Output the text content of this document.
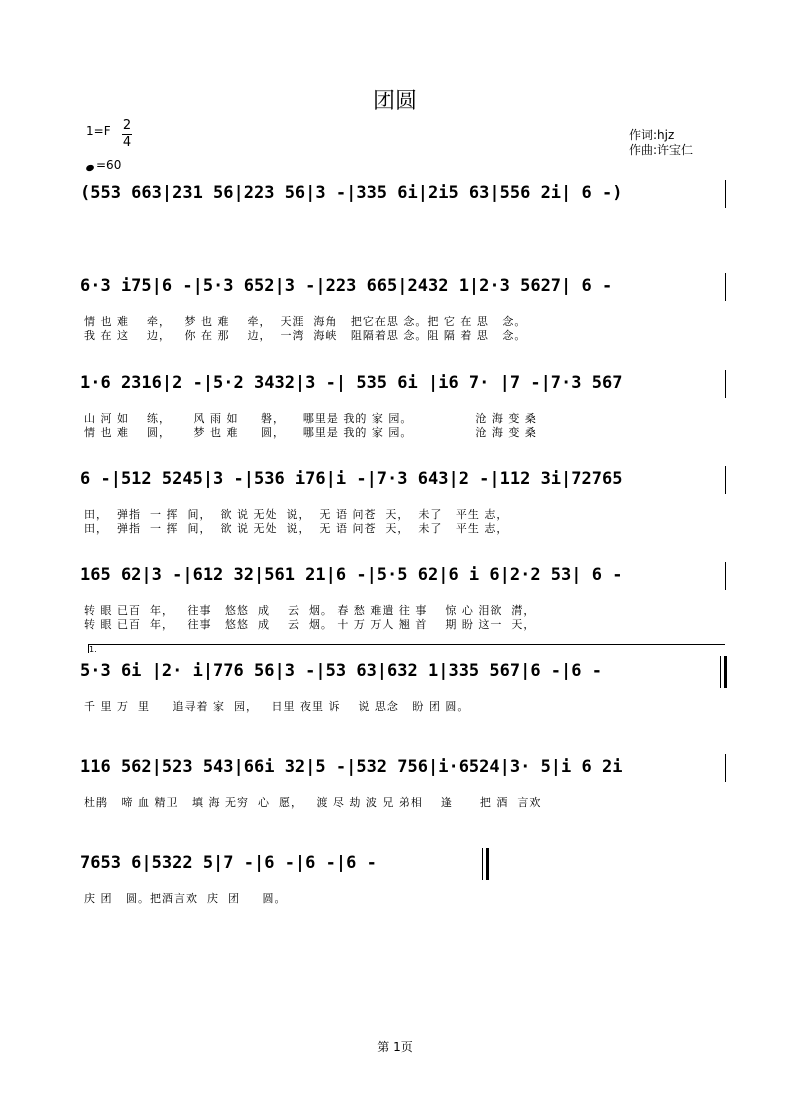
团圆
1=F 2
4
=60
作词:hjz
作曲:许宝仁
(553 663|231 56|223 56|3 -|335 6i|2i5 63|556 2i| 6 -)
6·3 i75|6 -|5·3 652|3 -|223 665|2432 1|2·3 5627| 6 -
情 也 难    牵，   梦 也 难    牵，  天涯  海角   把它在思 念。把 它 在 思   念。
我 在 这    边，   你 在 那    边，  一湾  海峡   阻隔着思 念。阻 隔 着 思   念。
1·6 2316|2 -|5·2 3432|3 -| 535 6i |i6 7· |7 -|7·3 567
山 河 如    练，     风 雨 如     磐，    哪里是 我的 家 园。              沧 海 变 桑
情 也 难    圆，     梦 也 难     圆，    哪里是 我的 家 园。              沧 海 变 桑
6 -|512 5245|3 -|536 i76|i -|7·3 643|2 -|112 3i|72765
田，  弹指  一 挥  间，  欲 说 无处  说，  无 语 问苍  天，  未了   平生 志，
田，  弹指  一 挥  间，  欲 说 无处  说，  无 语 问苍  天，  未了   平生 志，
165 62|3 -|612 32|561 21|6 -|5·5 62|6 i 6|2·2 53| 6 -
转 眼 已百  年，   往事   悠悠  成    云  烟。 春 愁 难遣 往 事    惊 心 泪欲  潸，
转 眼 已百  年，   往事   悠悠  成    云  烟。 十 万 万人 翘 首    期 盼 这一  天，
1.
5·3 6i |2· i|776 56|3 -|53 63|632 1|335 567|6 -|6 -
千 里 万  里     追寻着 家  园，   日里 夜里 诉    说 思念   盼 团 圆。
116 562|523 543|66i 32|5 -|532 756|i·6524|3· 5|i 6 2i
杜鹃   啼 血 精卫   填 海 无穷  心  愿，   渡 尽 劫 波 兄 弟相    逢      把 酒  言欢
7653 6|5322 5|7 -|6 -|6 -|6 -
庆 团   圆。把酒言欢  庆  团     圆。
第 1页
